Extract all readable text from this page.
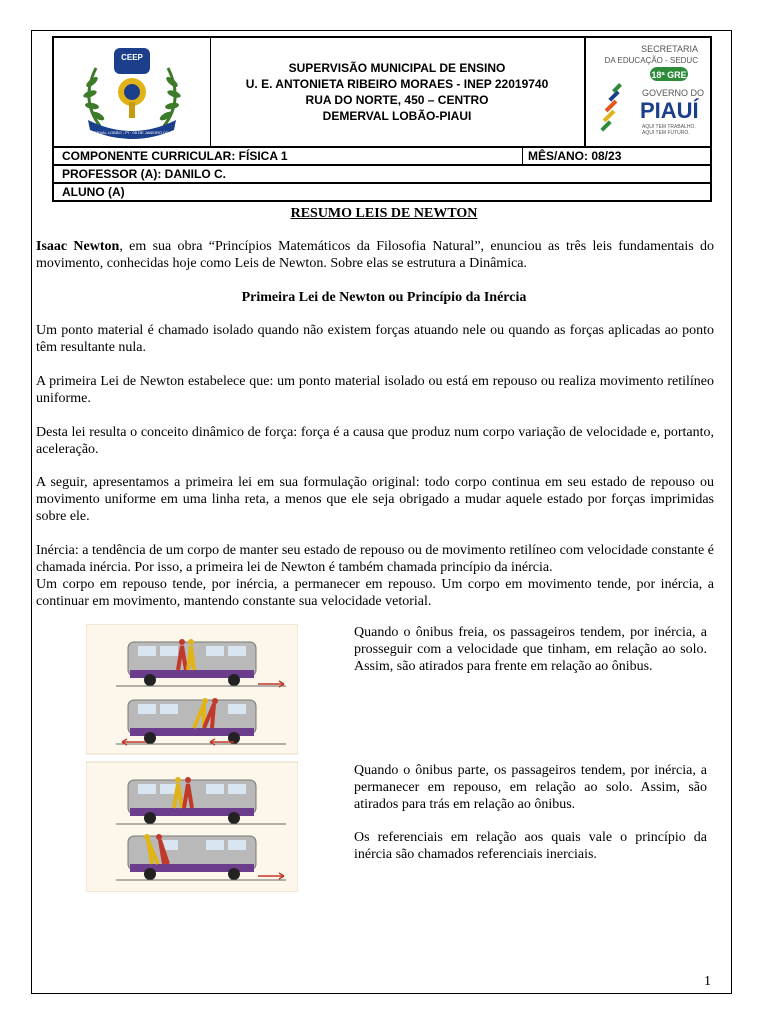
CEEP
DEMERVAL LOBÃO - PI · 05 DE JANEIRO DE 1983
SUPERVISÃO MUNICIPAL DE ENSINO
U. E. ANTONIETA RIBEIRO MORAES - INEP 22019740
RUA DO NORTE, 450 – CENTRO
DEMERVAL LOBÃO-PIAUI
SECRETARIA
DA EDUCAÇÃO - SEDUC
18ª GRE
GOVERNO DO
PIAUÍ
AQUI TEM TRABALHO.
AQUI TEM FUTURO.
COMPONENTE CURRICULAR: FÍSICA 1	MÊS/ANO: 08/23
PROFESSOR (A): DANILO C.
ALUNO (A)
RESUMO LEIS DE NEWTON
Isaac Newton, em sua obra “Princípios Matemáticos da Filosofia Natural”, enunciou as três leis fundamentais do movimento, conhecidas hoje como Leis de Newton. Sobre elas se estrutura a Dinâmica.
Primeira Lei de Newton ou Princípio da Inércia
Um ponto material é chamado isolado quando não existem forças atuando nele ou quando as forças aplicadas ao ponto têm resultante nula.
A primeira Lei de Newton estabelece que: um ponto material isolado ou está em repouso ou realiza movimento retilíneo uniforme.
Desta lei resulta o conceito dinâmico de força: força é a causa que produz num corpo variação de velocidade e, portanto, aceleração.
A seguir, apresentamos a primeira lei em sua formulação original: todo corpo continua em seu estado de repouso ou movimento uniforme em uma linha reta, a menos que ele seja obrigado a mudar aquele estado por forças imprimidas sobre ele.
Inércia: a tendência de um corpo de manter seu estado de repouso ou de movimento retilíneo com velocidade constante é chamada inércia. Por isso, a primeira lei de Newton é também chamada princípio da inércia.
Um corpo em repouso tende, por inércia, a permanecer em repouso. Um corpo em movimento tende, por inércia, a continuar em movimento, mantendo constante sua velocidade vetorial.
Quando o ônibus freia, os passageiros tendem, por inércia, a prosseguir com a velocidade que tinham, em relação ao solo. Assim, são atirados para frente em relação ao ônibus.
Quando o ônibus parte, os passageiros tendem, por inércia, a permanecer em repouso, em relação ao solo. Assim, são atirados para trás em relação ao ônibus.
Os referenciais em relação aos quais vale o princípio da inércia são chamados referenciais inerciais.
1
